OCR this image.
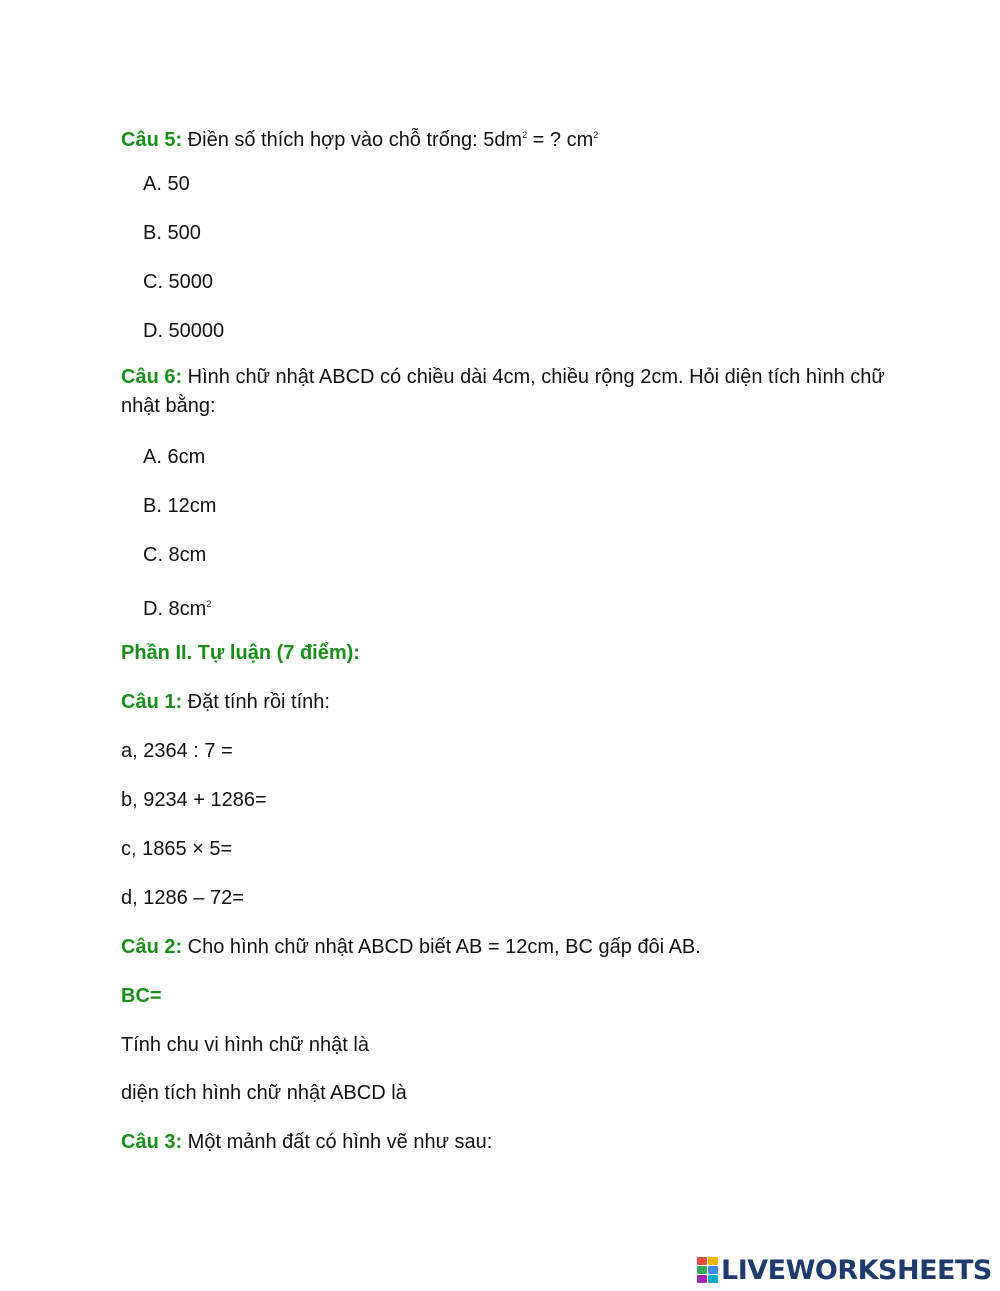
Câu 5: Điền số thích hợp vào chỗ trống: $5dm^2$ = ? $cm^2$
A. 50
B. 500
C. 5000
D. 50000
Câu 6: Hình chữ nhật ABCD có chiều dài 4cm, chiều rộng 2cm. Hỏi diện tích hình chữ nhật bằng:
A. 6cm
B. 12cm
C. 8cm
D. $8cm^2$
Phần II. Tự luận (7 điểm):
Câu 1: Đặt tính rồi tính:
a, 2364 : 7 =
b, 9234 + 1286=
c, 1865 × 5=
d, 1286 – 72=
Câu 2: Cho hình chữ nhật ABCD biết AB = 12cm, BC gấp đôi AB.
BC=
Tính chu vi hình chữ nhật là
diện tích hình chữ nhật ABCD là
Câu 3: Một mảnh đất có hình vẽ như sau:
LIVEWORKSHEETS
